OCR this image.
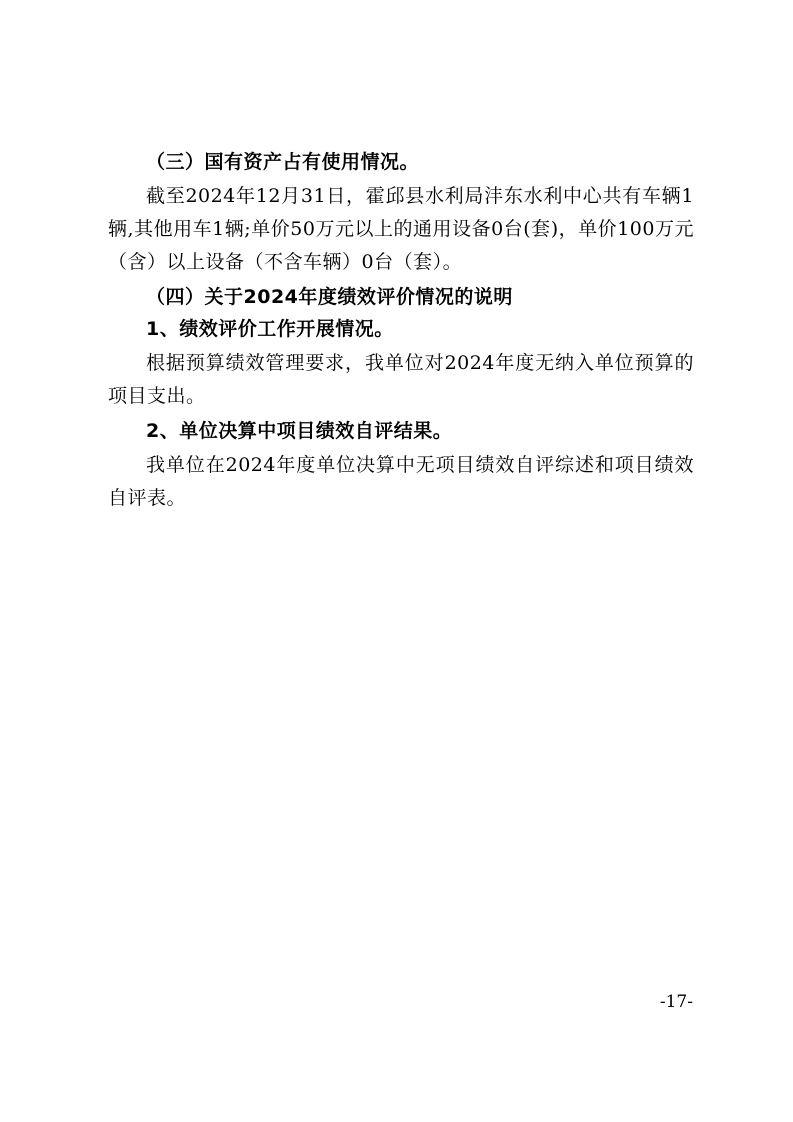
（三）国有资产占有使用情况。

截至2024年12月31日，霍邱县水利局沣东水利中心共有车辆1辆,其他用车1辆;单价50万元以上的通用设备0台(套)，单价100万元（含）以上设备（不含车辆）0台（套）。

（四）关于2024年度绩效评价情况的说明

1、绩效评价工作开展情况。

根据预算绩效管理要求，我单位对2024年度无纳入单位预算的项目支出。

2、单位决算中项目绩效自评结果。

我单位在2024年度单位决算中无项目绩效自评综述和项目绩效自评表。

-17-
